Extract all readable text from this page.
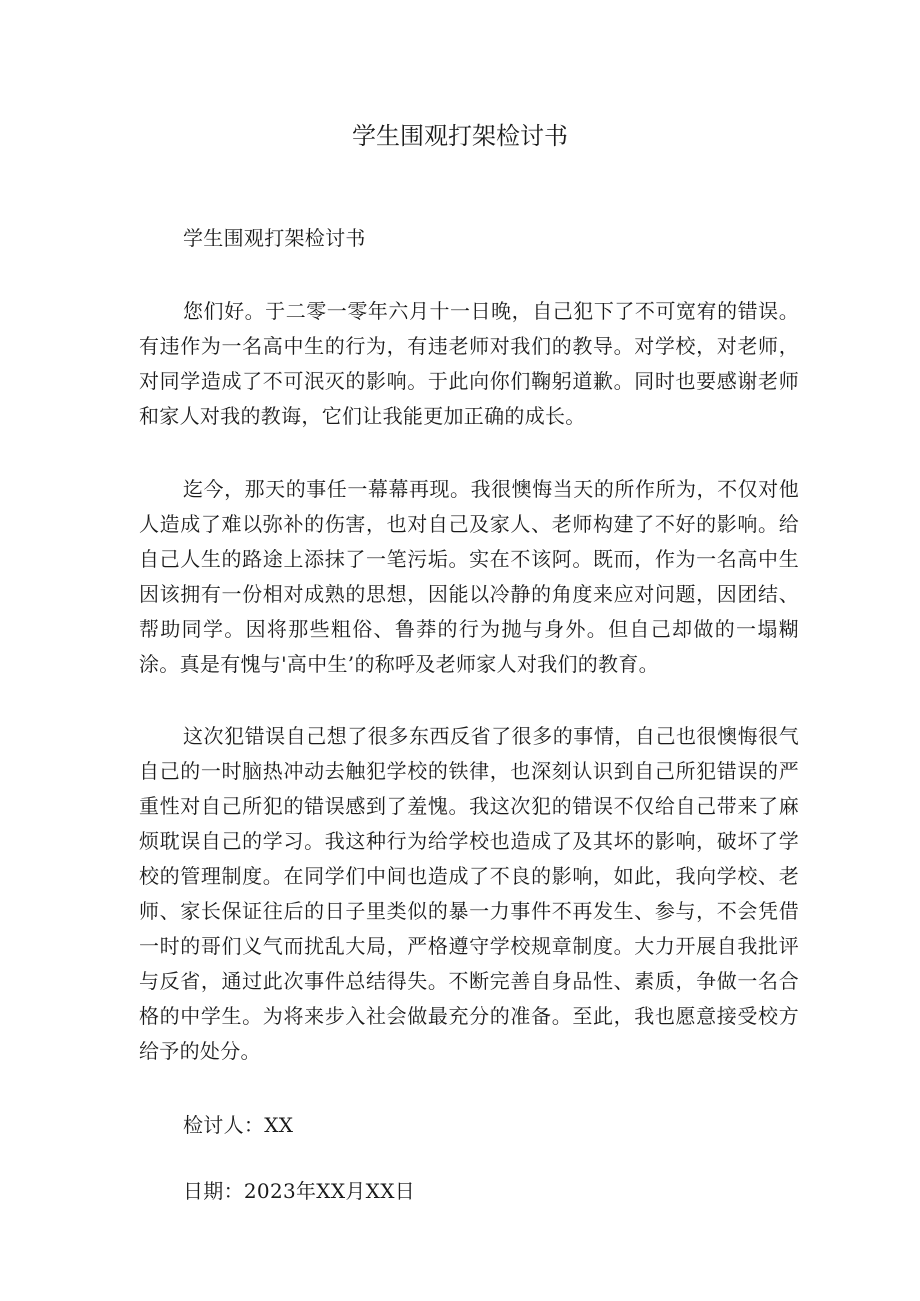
学生围观打架检讨书

学生围观打架检讨书

您们好。于二零一零年六月十一日晚，自己犯下了不可宽宥的错误。有违作为一名高中生的行为，有违老师对我们的教导。对学校，对老师，对同学造成了不可泯灭的影响。于此向你们鞠躬道歉。同时也要感谢老师和家人对我的教诲，它们让我能更加正确的成长。

迄今，那天的事任一幕幕再现。我很懊悔当天的所作所为，不仅对他人造成了难以弥补的伤害，也对自己及家人、老师构建了不好的影响。给自己人生的路途上添抹了一笔污垢。实在不该阿。既而，作为一名高中生因该拥有一份相对成熟的思想，因能以冷静的角度来应对问题，因团结、帮助同学。因将那些粗俗、鲁莽的行为抛与身外。但自己却做的一塌糊涂。真是有愧与'高中生’的称呼及老师家人对我们的教育。

这次犯错误自己想了很多东西反省了很多的事情，自己也很懊悔很气自己的一时脑热冲动去触犯学校的铁律，也深刻认识到自己所犯错误的严重性对自己所犯的错误感到了羞愧。我这次犯的错误不仅给自己带来了麻烦耽误自己的学习。我这种行为给学校也造成了及其坏的影响，破坏了学校的管理制度。在同学们中间也造成了不良的影响，如此，我向学校、老师、家长保证往后的日子里类似的暴一力事件不再发生、参与，不会凭借一时的哥们义气而扰乱大局，严格遵守学校规章制度。大力开展自我批评与反省，通过此次事件总结得失。不断完善自身品性、素质，争做一名合格的中学生。为将来步入社会做最充分的准备。至此，我也愿意接受校方给予的处分。

检讨人：XX

日期：2023年XX月XX日
